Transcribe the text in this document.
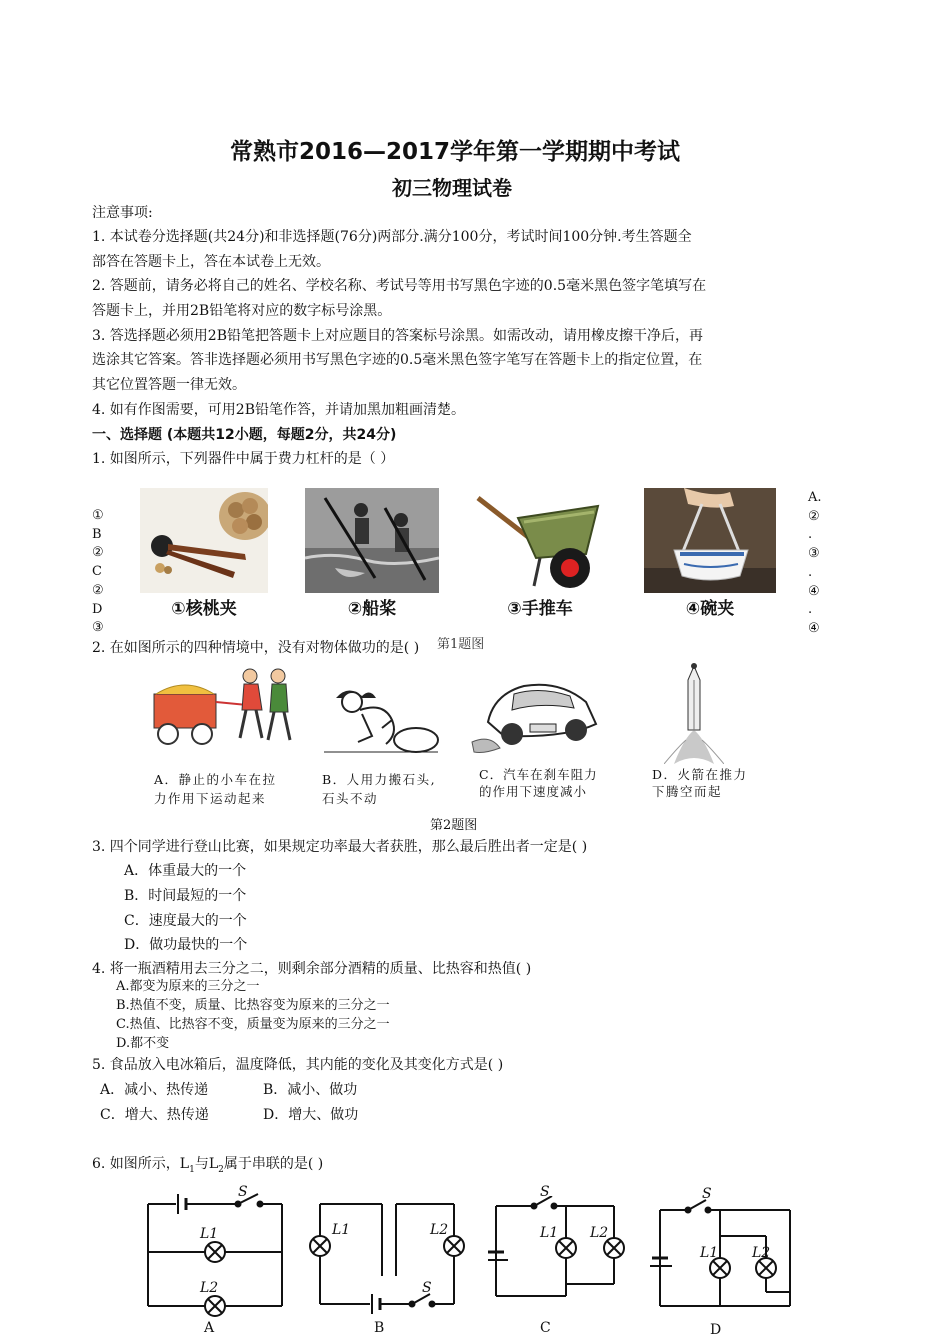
常熟市2016—2017学年第一学期期中考试
初三物理试卷
注意事项:
1. 本试卷分选择题(共24分)和非选择题(76分)两部分.满分100分，考试时间100分钟.考生答题全
部答在答题卡上，答在本试卷上无效。
2. 答题前，请务必将自己的姓名、学校名称、考试号等用书写黑色字迹的0.5毫米黑色签字笔填写在
答题卡上，并用2B铅笔将对应的数字标号涂黑。
3. 答选择题必须用2B铅笔把答题卡上对应题目的答案标号涂黑。如需改动，请用橡皮擦干净后，再
选涂其它答案。答非选择题必须用书写黑色字迹的0.5毫米黑色签字笔写在答题卡上的指定位置，在
其它位置答题一律无效。
4. 如有作图需要，可用2B铅笔作答，并请加黑加粗画清楚。
一、选择题 (本题共12小题，每题2分，共24分)
1. 如图所示，下列器件中属于费力杠杆的是（ ）
①
B
②
C
②
D
③
A.
②
.
③
.
④
.
④
①核桃夹	②船桨	③手推车	④碗夹
2. 在如图所示的四种情境中，没有对物体做功的是( ) 第1题图
A．静止的小车在拉
力作用下运动起来
B．人用力搬石头,
石头不动
C．汽车在刹车阻力
的作用下速度减小
D．火箭在推力
下腾空而起
第2题图
3. 四个同学进行登山比赛，如果规定功率最大者获胜，那么最后胜出者一定是( )
A．体重最大的一个
B．时间最短的一个
C．速度最大的一个
D．做功最快的一个
4. 将一瓶酒精用去三分之二，则剩余部分酒精的质量、比热容和热值( )
A.都变为原来的三分之一
B.热值不变，质量、比热容变为原来的三分之一
C.热值、比热容不变，质量变为原来的三分之一
D.都不变
5. 食品放入电冰箱后，温度降低，其内能的变化及其变化方式是( )
A．减小、热传递	B．减小、做功
C．增大、热传递	D．增大、做功
6. 如图所示，$L_1$与$L_2$属于串联的是( )
S
L1
L2
A
L1	L2
S
B
S
L1 L2
C
S
L1 L2
D
